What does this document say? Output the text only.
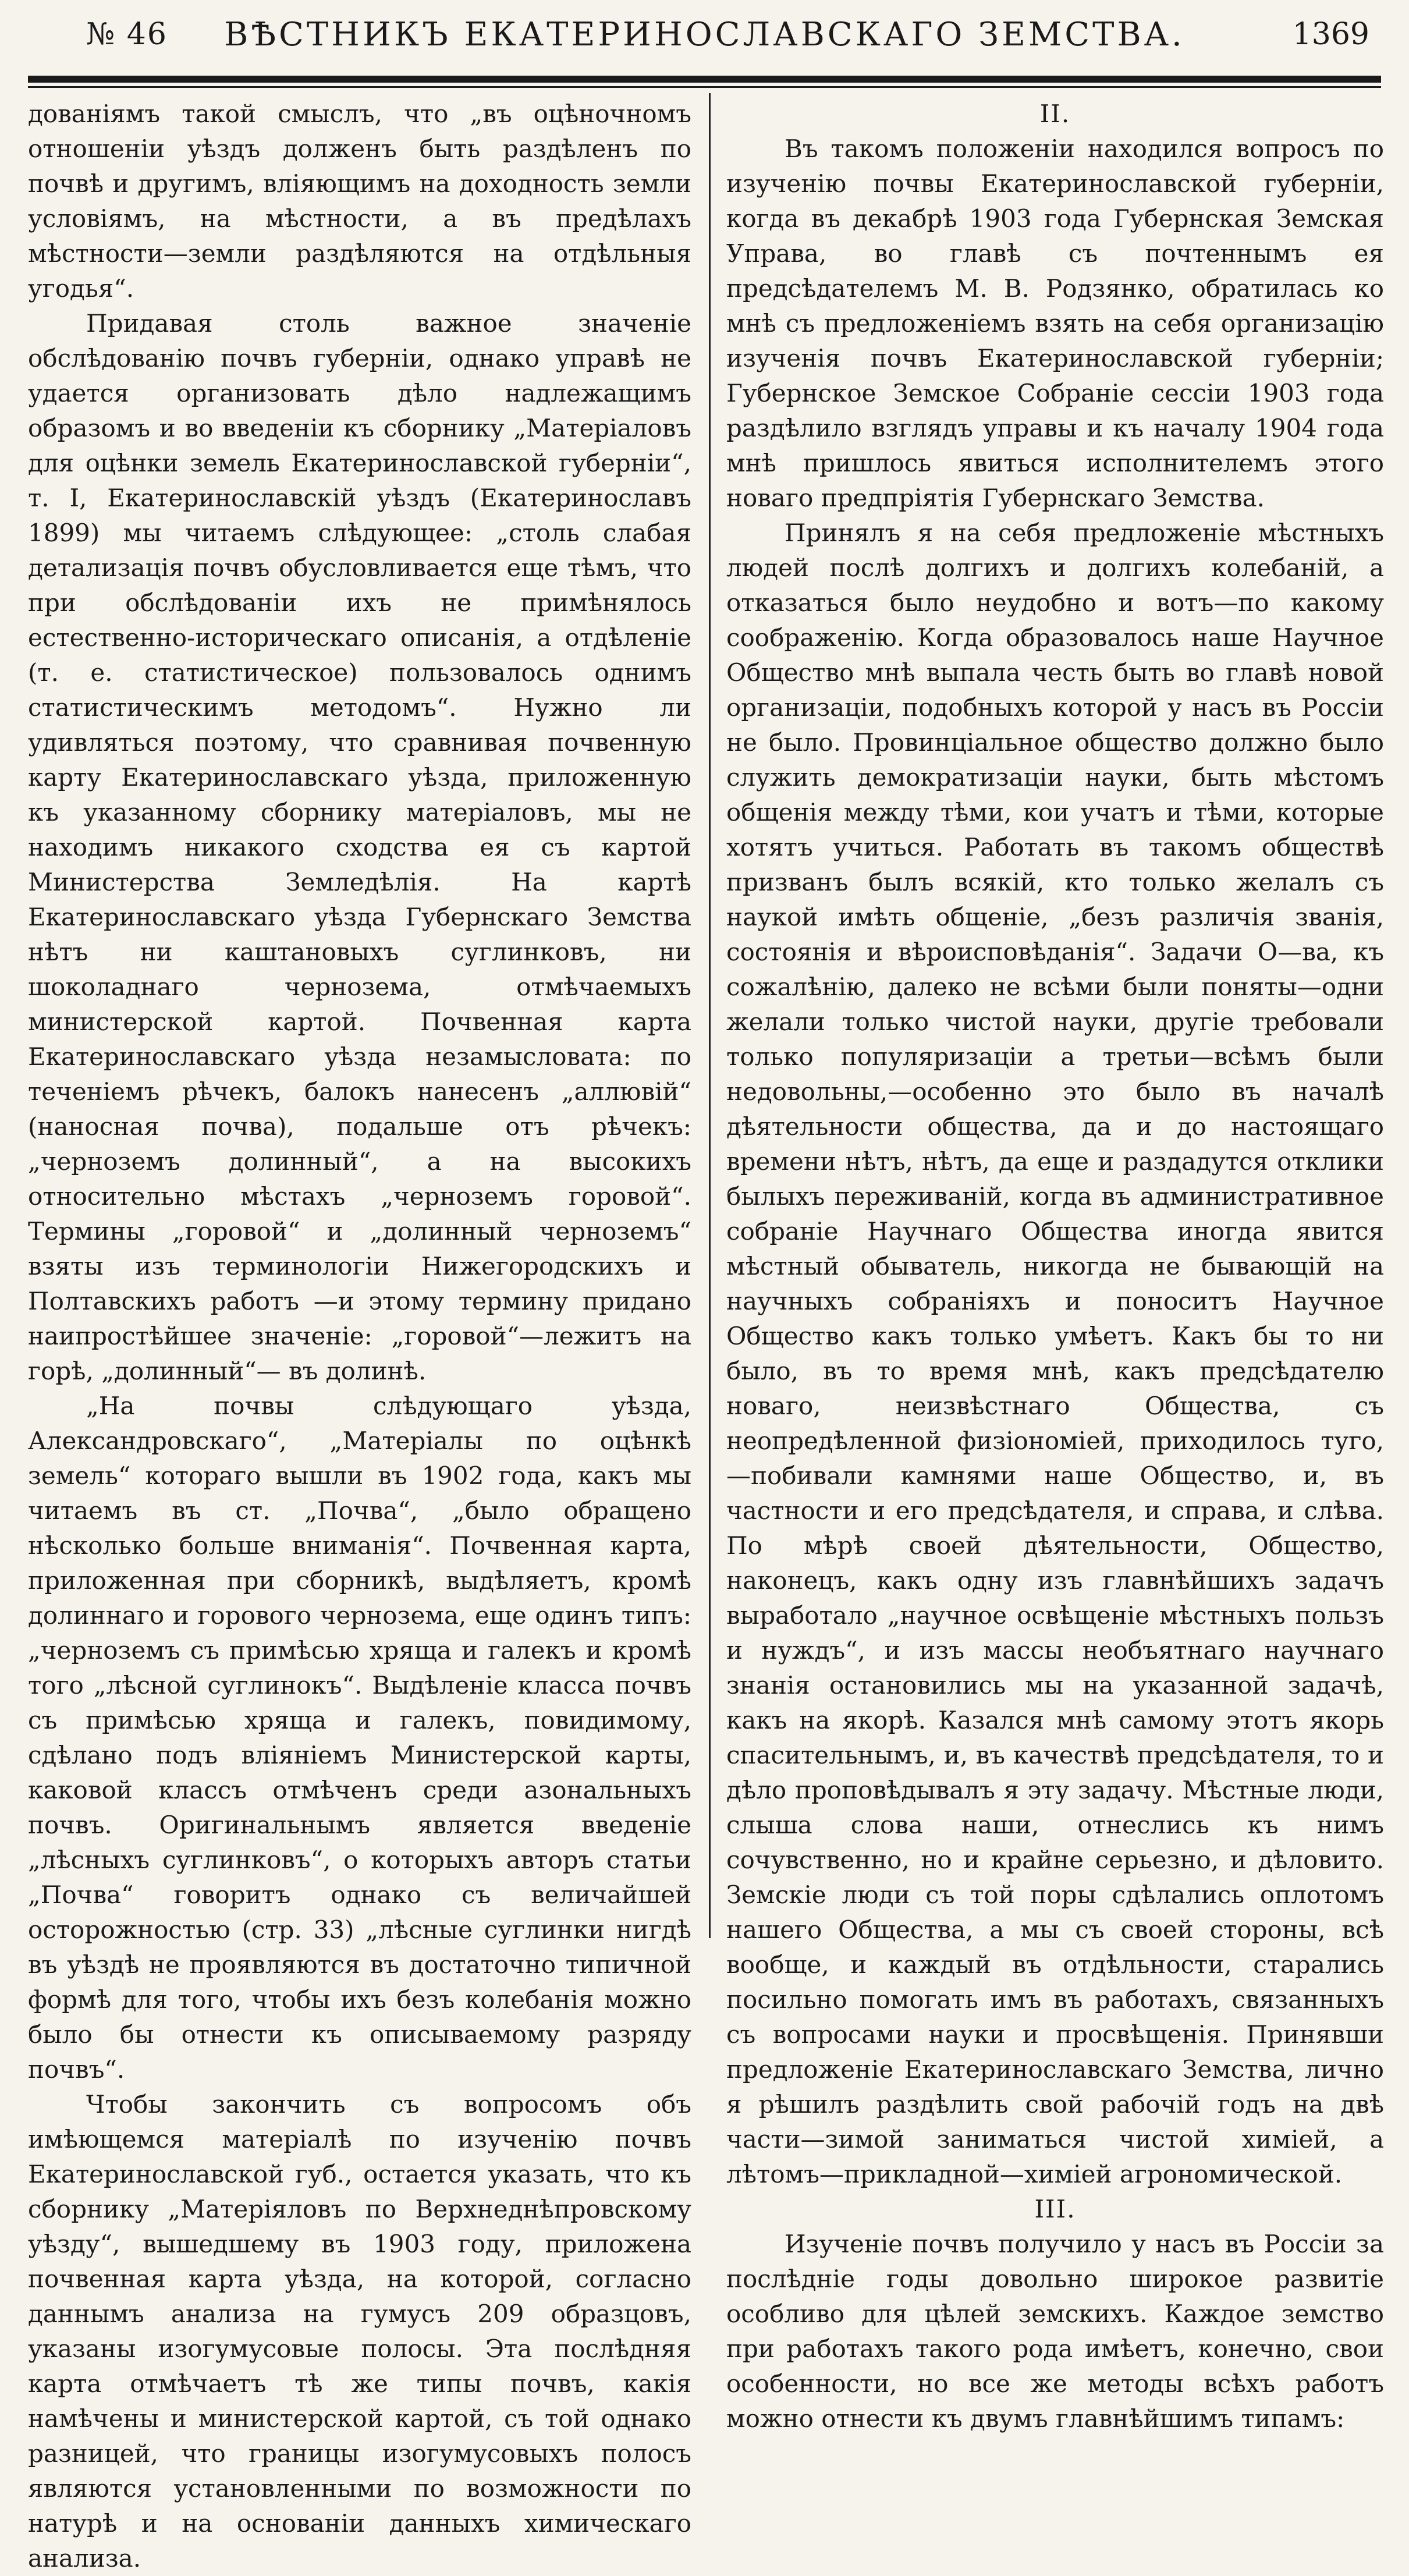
№ 46	ВѢСТНИКЪ ЕКАТЕРИНОСЛАВСКАГО ЗЕМСТВА.	1369

дованіямъ такой смыслъ, что „въ оцѣночномъ отношеніи уѣздъ долженъ быть раздѣленъ по почвѣ и другимъ, вліяющимъ на доходность земли условіямъ, на мѣстности, а въ предѣлахъ мѣстности—земли раздѣляются на отдѣльныя угодья“.

Придавая столь важное значеніе обслѣдованію почвъ губерніи, однако управѣ не удается организовать дѣло надлежащимъ образомъ и во введеніи къ сборнику „Матеріаловъ для оцѣнки земель Екатеринославской губерніи“, т. I, Екатеринославскій уѣздъ (Екатеринославъ 1899) мы читаемъ слѣдующее: „столь слабая детализація почвъ обусловливается еще тѣмъ, что при обслѣдованіи ихъ не примѣнялось естественно-историческаго описанія, а отдѣленіе (т. е. статистическое) пользовалось однимъ статистическимъ методомъ“. Нужно ли удивляться поэтому, что сравнивая почвенную карту Екатеринославскаго уѣзда, приложенную къ указанному сборнику матеріаловъ, мы не находимъ никакого сходства ея съ картой Министерства Земледѣлія. На картѣ Екатеринославскаго уѣзда Губернскаго Земства нѣтъ ни каштановыхъ суглинковъ, ни шоколаднаго чернозема, отмѣчаемыхъ министерской картой. Почвенная карта Екатеринославскаго уѣзда незамысловата: по теченіемъ рѣчекъ, балокъ нанесенъ „аллювій“ (наносная почва), подальше отъ рѣчекъ: „черноземъ долинный“, а на высокихъ относительно мѣстахъ „черноземъ горовой“. Термины „горовой“ и „долинный черноземъ“ взяты изъ терминологіи Нижегородскихъ и Полтавскихъ работъ —и этому термину придано наипростѣйшее значеніе: „горовой“—лежитъ на горѣ, „долинный“— въ долинѣ.

„На почвы слѣдующаго уѣзда, Александровскаго“, „Матеріалы по оцѣнкѣ земель“ котораго вышли въ 1902 года, какъ мы читаемъ въ ст. „Почва“, „было обращено нѣсколько больше вниманія“. Почвенная карта, приложенная при сборникѣ, выдѣляетъ, кромѣ долиннаго и горового чернозема, еще одинъ типъ: „черноземъ съ примѣсью хряща и галекъ и кромѣ того „лѣсной суглинокъ“. Выдѣленіе класса почвъ съ примѣсью хряща и галекъ, повидимому, сдѣлано подъ вліяніемъ Министерской карты, каковой классъ отмѣченъ среди азональныхъ почвъ. Оригинальнымъ является введеніе „лѣсныхъ суглинковъ“, о которыхъ авторъ статьи „Почва“ говоритъ однако съ величайшей осторожностью (стр. 33) „лѣсные суглинки нигдѣ въ уѣздѣ не проявляются въ достаточно типичной формѣ для того, чтобы ихъ безъ колебанія можно было бы отнести къ описываемому разряду почвъ“.

Чтобы закончить съ вопросомъ объ имѣющемся матеріалѣ по изученію почвъ Екатеринославской губ., остается указать, что къ сборнику „Матеріяловъ по Верхнеднѣпровскому уѣзду“, вышедшему въ 1903 году, приложена почвенная карта уѣзда, на которой, согласно даннымъ анализа на гумусъ 209 образцовъ, указаны изогумусовые полосы. Эта послѣдняя карта отмѣчаетъ тѣ же типы почвъ, какія намѣчены и министерской картой, съ той однако разницей, что границы изогумусовыхъ полосъ являются установленными по возможности по натурѣ и на основаніи данныхъ химическаго анализа.

II.

Въ такомъ положеніи находился вопросъ по изученію почвы Екатеринославской губерніи, когда въ декабрѣ 1903 года Губернская Земская Управа, во главѣ съ почтеннымъ ея предсѣдателемъ М. В. Родзянко, обратилась ко мнѣ съ предложеніемъ взять на себя организацію изученія почвъ Екатеринославской губерніи; Губернское Земское Собраніе сессіи 1903 года раздѣлило взглядъ управы и къ началу 1904 года мнѣ пришлось явиться исполнителемъ этого новаго предпріятія Губернскаго Земства.

Принялъ я на себя предложеніе мѣстныхъ людей послѣ долгихъ и долгихъ колебаній, а отказаться было неудобно и вотъ—по какому соображенію. Когда образовалось наше Научное Общество мнѣ выпала честь быть во главѣ новой организаціи, подобныхъ которой у насъ въ Россіи не было. Провинціальное общество должно было служить демократизаціи науки, быть мѣстомъ общенія между тѣми, кои учатъ и тѣми, которые хотятъ учиться. Работать въ такомъ обществѣ призванъ былъ всякій, кто только желалъ съ наукой имѣть общеніе, „безъ различія званія, состоянія и вѣроисповѣданія“. Задачи О—ва, къ сожалѣнію, далеко не всѣми были поняты—одни желали только чистой науки, другіе требовали только популяризаціи а третьи—всѣмъ были недовольны,—особенно это было въ началѣ дѣятельности общества, да и до настоящаго времени нѣтъ, нѣтъ, да еще и раздадутся отклики былыхъ переживаній, когда въ административное собраніе Научнаго Общества иногда явится мѣстный обыватель, никогда не бывающій на научныхъ собраніяхъ и поноситъ Научное Общество какъ только умѣетъ. Какъ бы то ни было, въ то время мнѣ, какъ предсѣдателю новаго, неизвѣстнаго Общества, съ неопредѣленной физіономіей, приходилось туго,—побивали камнями наше Общество, и, въ частности и его предсѣдателя, и справа, и слѣва. По мѣрѣ своей дѣятельности, Общество, наконецъ, какъ одну изъ главнѣйшихъ задачъ выработало „научное освѣщеніе мѣстныхъ пользъ и нуждъ“, и изъ массы необъятнаго научнаго знанія остановились мы на указанной задачѣ, какъ на якорѣ. Казался мнѣ самому этотъ якорь спасительнымъ, и, въ качествѣ предсѣдателя, то и дѣло проповѣдывалъ я эту задачу. Мѣстные люди, слыша слова наши, отнеслись къ нимъ сочувственно, но и крайне серьезно, и дѣловито. Земскіе люди съ той поры сдѣлались оплотомъ нашего Общества, а мы съ своей стороны, всѣ вообще, и каждый въ отдѣльности, старались посильно помогать имъ въ работахъ, связанныхъ съ вопросами науки и просвѣщенія. Принявши предложеніе Екатеринославскаго Земства, лично я рѣшилъ раздѣлить свой рабочій годъ на двѣ части—зимой заниматься чистой химіей, а лѣтомъ—прикладной—химіей агрономической.

III.

Изученіе почвъ получило у насъ въ Россіи за послѣдніе годы довольно широкое развитіе особливо для цѣлей земскихъ. Каждое земство при работахъ такого рода имѣетъ, конечно, свои особенности, но все же методы всѣхъ работъ можно отнести къ двумъ главнѣйшимъ типамъ:
